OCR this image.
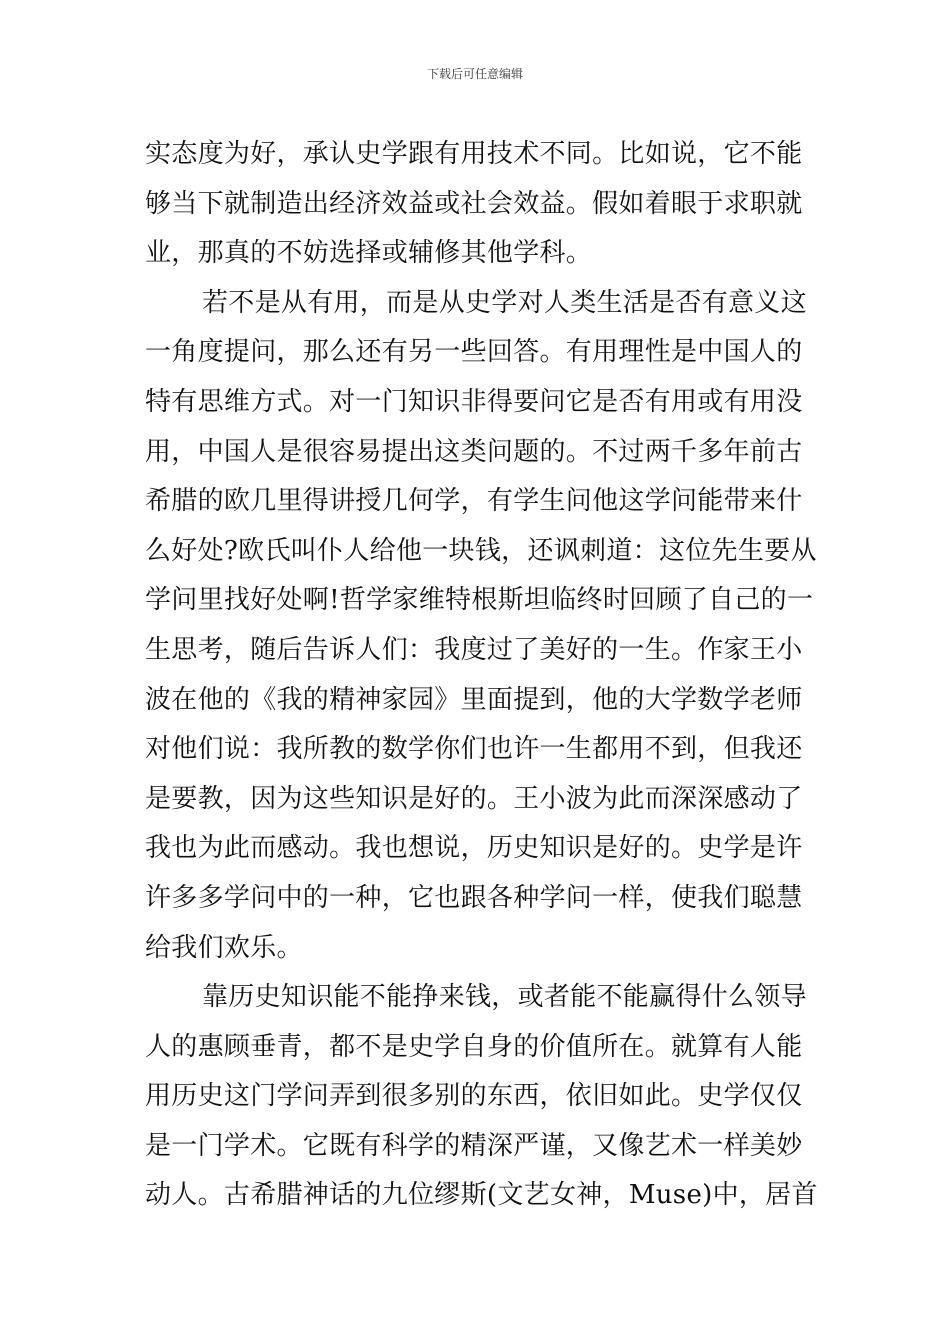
下载后可任意编辑
实态度为好，承认史学跟有用技术不同。比如说，它不能
够当下就制造出经济效益或社会效益。假如着眼于求职就
业，那真的不妨选择或辅修其他学科。
若不是从有用，而是从史学对人类生活是否有意义这
一角度提问，那么还有另一些回答。有用理性是中国人的
特有思维方式。对一门知识非得要问它是否有用或有用没
用，中国人是很容易提出这类问题的。不过两千多年前古
希腊的欧几里得讲授几何学，有学生问他这学问能带来什
么好处?欧氏叫仆人给他一块钱，还讽刺道：这位先生要从
学问里找好处啊!哲学家维特根斯坦临终时回顾了自己的一
生思考，随后告诉人们：我度过了美好的一生。作家王小
波在他的《我的精神家园》里面提到，他的大学数学老师
对他们说：我所教的数学你们也许一生都用不到，但我还
是要教，因为这些知识是好的。王小波为此而深深感动了
我也为此而感动。我也想说，历史知识是好的。史学是许
许多多学问中的一种，它也跟各种学问一样，使我们聪慧
给我们欢乐。
靠历史知识能不能挣来钱，或者能不能赢得什么领导
人的惠顾垂青，都不是史学自身的价值所在。就算有人能
用历史这门学问弄到很多别的东西，依旧如此。史学仅仅
是一门学术。它既有科学的精深严谨，又像艺术一样美妙
动人。古希腊神话的九位缪斯(文艺女神，Muse)中，居首
